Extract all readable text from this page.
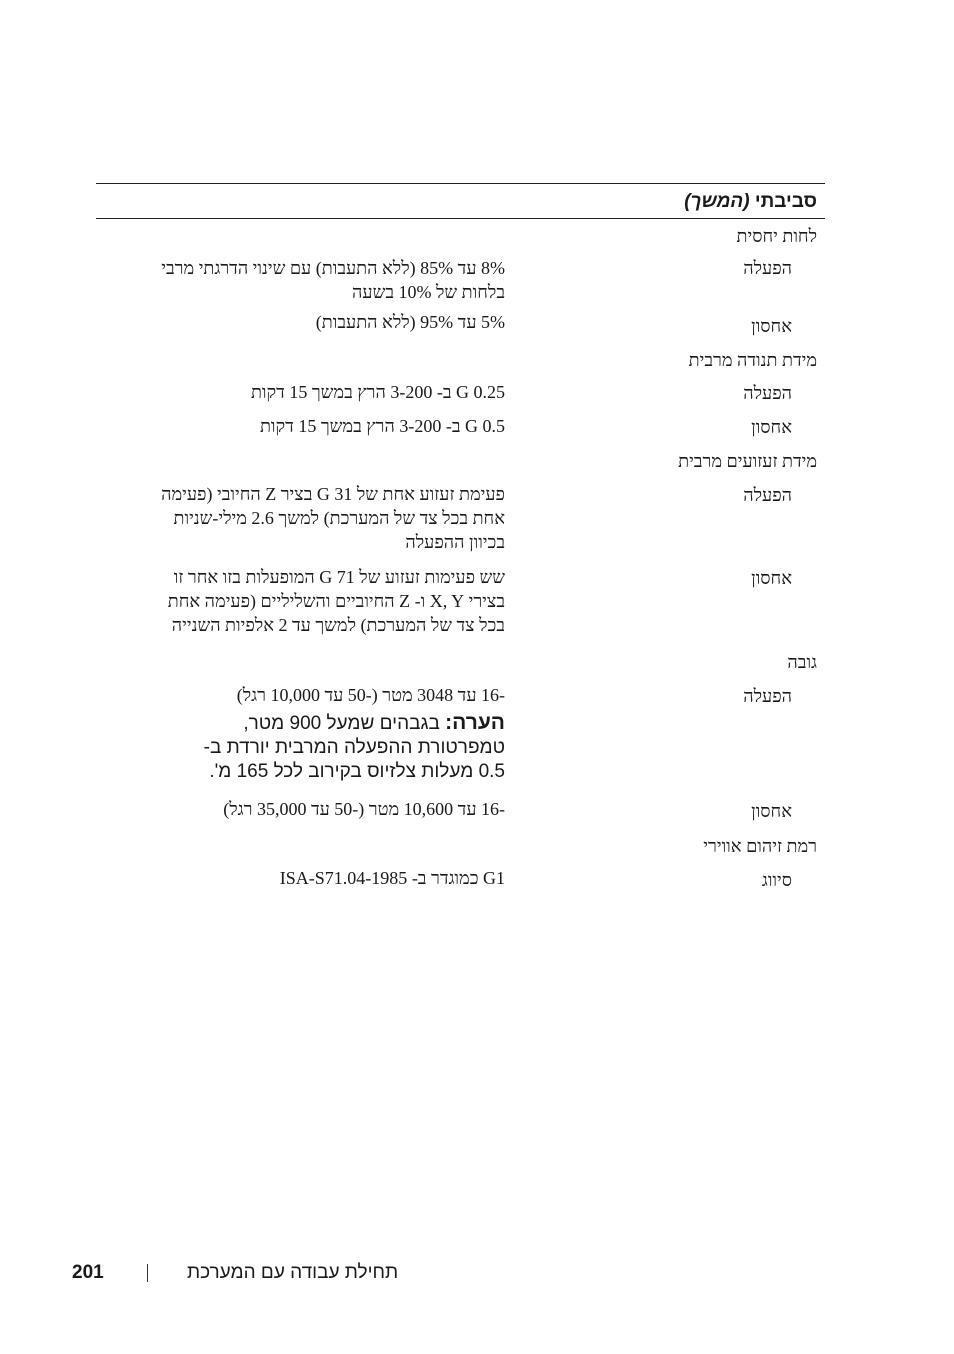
סביבתי (המשך)
לחות יחסית
הפעלה
8% עד 85% (ללא התעבות) עם שינוי הדרגתי מרבי
בלחות של 10% בשעה
אחסון
5% עד 95% (ללא התעבות)
מידת תנודה מרבית
הפעלה
0.25 G ב- 3-200 הרץ במשך 15 דקות
אחסון
0.5 G ב- 3-200 הרץ במשך 15 דקות
מידת זעזועים מרבית
הפעלה
פעימת זעזוע אחת של 31 G בציר Z החיובי (פעימה
אחת בכל צד של המערכת) למשך 2.6 מילי-שניות
בכיוון ההפעלה
אחסון
שש פעימות זעזוע של 71 G המופעלות בזו אחר זו
בצירי X, Y ו- Z החיוביים והשליליים (פעימה אחת
בכל צד של המערכת) למשך עד 2 אלפיות השנייה
גובה
הפעלה
-16 עד 3048 מטר (-50 עד 10,000 רגל)
הערה: בגבהים שמעל 900 מטר,
טמפרטורת ההפעלה המרבית יורדת ב-
0.5 מעלות צלזיוס בקירוב לכל 165 מ'.
אחסון
-16 עד 10,600 מטר (-50 עד 35,000 רגל)
רמת זיהום אווירי
סיווג
G1 כמוגדר ב- ISA-S71.04-1985
201	תחילת עבודה עם המערכת
